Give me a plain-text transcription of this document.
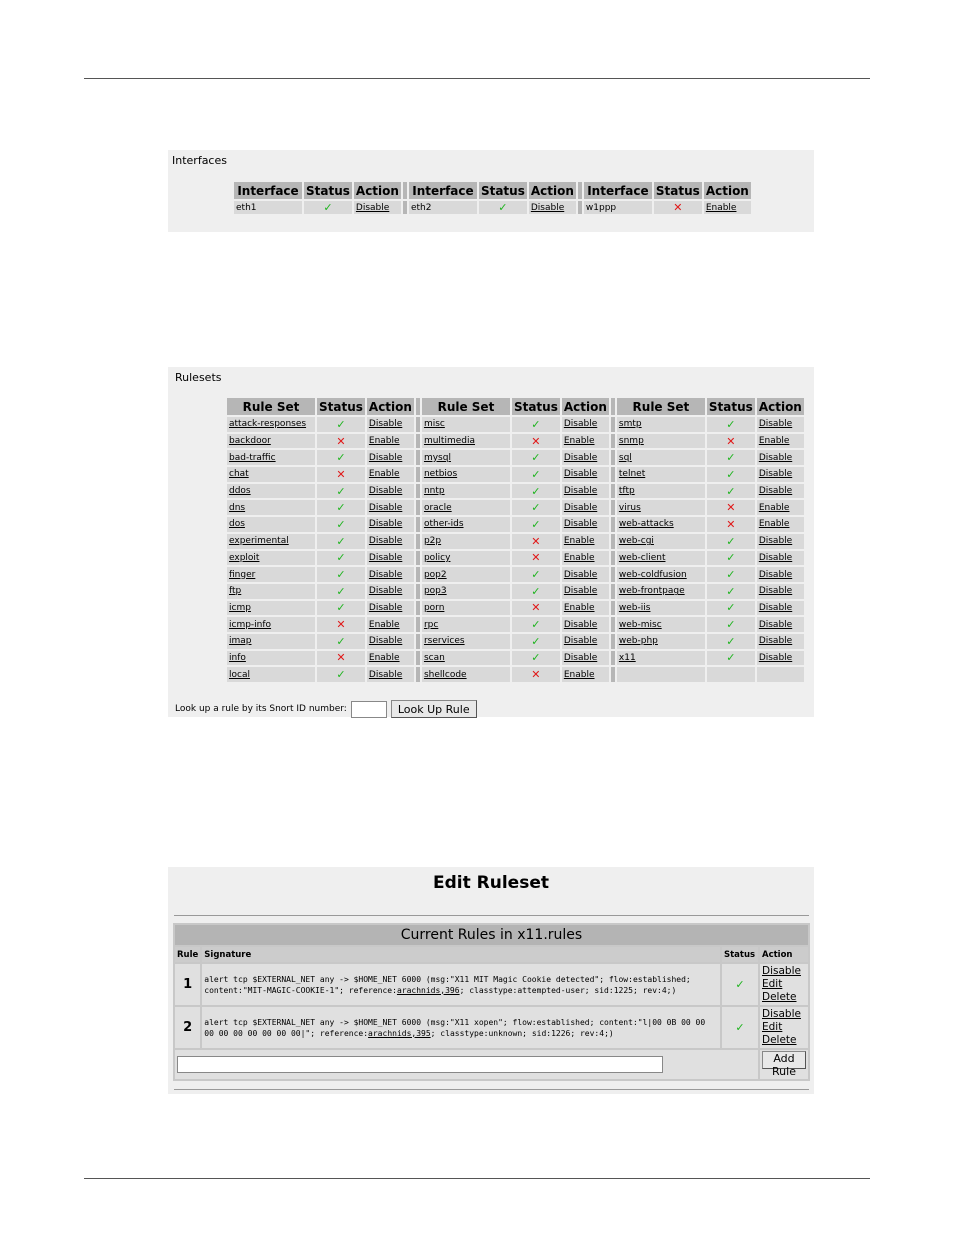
Interfaces
Interface	Status	Action		Interface	Status	Action		Interface	Status	Action
eth1	✓	Disable		eth2	✓	Disable		w1ppp	✕	Enable
Rulesets
Rule Set	Status	Action		Rule Set	Status	Action		Rule Set	Status	Action
attack-responses	✓	Disable		misc	✓	Disable		smtp	✓	Disable
backdoor	✕	Enable		multimedia	✕	Enable		snmp	✕	Enable
bad-traffic	✓	Disable		mysql	✓	Disable		sql	✓	Disable
chat	✕	Enable		netbios	✓	Disable		telnet	✓	Disable
ddos	✓	Disable		nntp	✓	Disable		tftp	✓	Disable
dns	✓	Disable		oracle	✓	Disable		virus	✕	Enable
dos	✓	Disable		other-ids	✓	Disable		web-attacks	✕	Enable
experimental	✓	Disable		p2p	✕	Enable		web-cgi	✓	Disable
exploit	✓	Disable		policy	✕	Enable		web-client	✓	Disable
finger	✓	Disable		pop2	✓	Disable		web-coldfusion	✓	Disable
ftp	✓	Disable		pop3	✓	Disable		web-frontpage	✓	Disable
icmp	✓	Disable		porn	✕	Enable		web-iis	✓	Disable
icmp-info	✕	Enable		rpc	✓	Disable		web-misc	✓	Disable
imap	✓	Disable		rservices	✓	Disable		web-php	✓	Disable
info	✕	Enable		scan	✓	Disable		x11	✓	Disable
local	✓	Disable		shellcode	✕	Enable				
Look up a rule by its Snort ID number:	Look Up Rule
Edit Ruleset
Current Rules in x11.rules			
Rule	Signature	Status	Action
1	alert tcp $EXTERNAL_NET any -> $HOME_NET 6000 (msg:"X11 MIT Magic Cookie detected"; flow:established; content:"MIT-MAGIC-COOKIE-1"; reference:arachnids,396; classtype:attempted-user; sid:1225; rev:4;)	✓	Disable
Edit
Delete

2	alert tcp $EXTERNAL_NET any -> $HOME_NET 6000 (msg:"X11 xopen"; flow:established; content:"l|00 0B 00 00 00 00 00 00 00 00 00|"; reference:arachnids,395; classtype:unknown; sid:1226; rev:4;)	✓	Disable
Edit
Delete

	Add Rule
